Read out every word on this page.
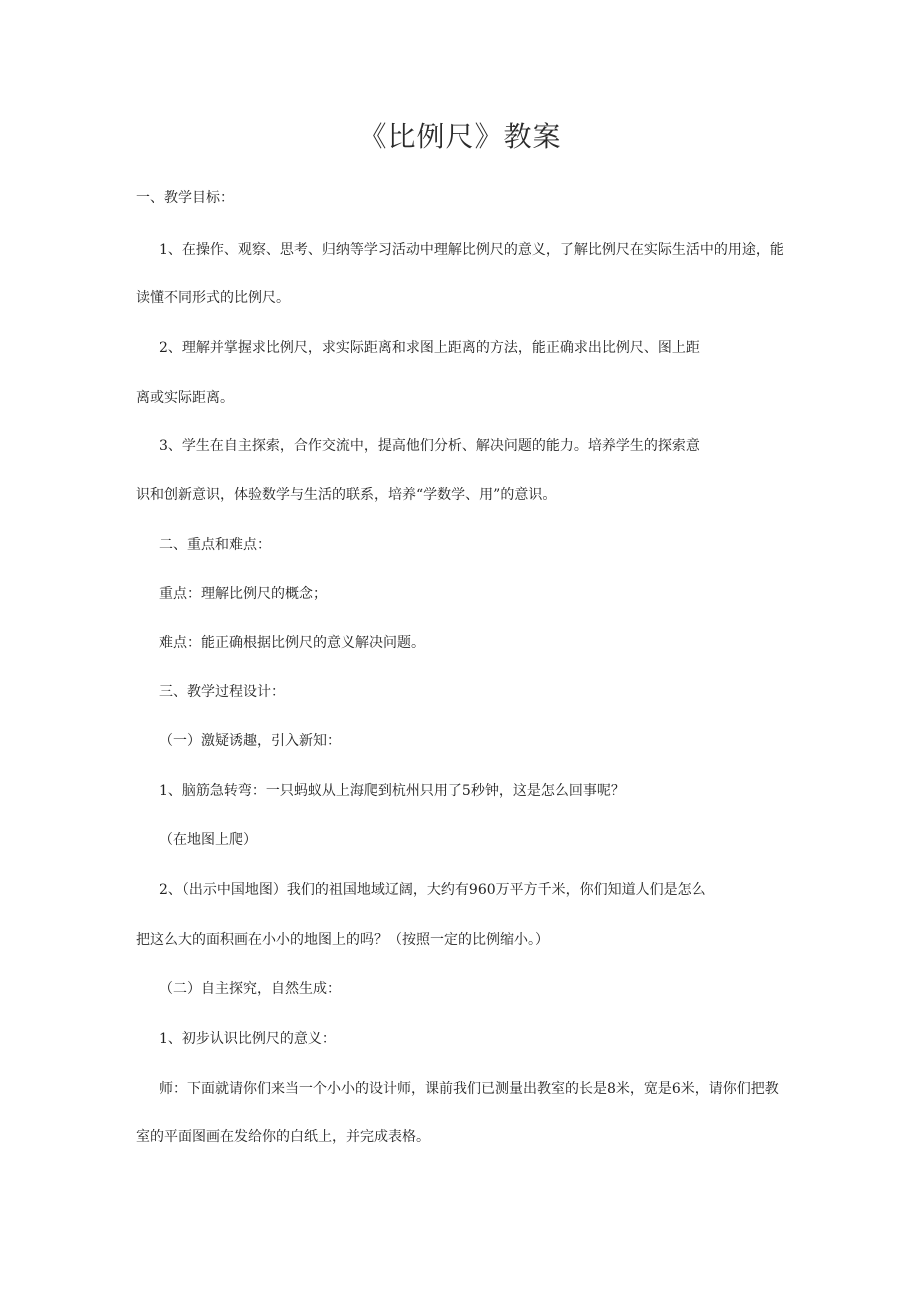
《比例尺》教案
一、教学目标：
1、在操作、观察、思考、归纳等学习活动中理解比例尺的意义，了解比例尺在实际生活中的用途，能
读懂不同形式的比例尺。
2、理解并掌握求比例尺，求实际距离和求图上距离的方法，能正确求出比例尺、图上距
离或实际距离。
3、学生在自主探索，合作交流中，提高他们分析、解决问题的能力。培养学生的探索意
识和创新意识，体验数学与生活的联系，培养“学数学、用”的意识。
二、重点和难点：
重点：理解比例尺的概念；
难点：能正确根据比例尺的意义解决问题。
三、教学过程设计：
（一）激疑诱趣，引入新知：
1、脑筋急转弯：一只蚂蚁从上海爬到杭州只用了5秒钟，这是怎么回事呢？
（在地图上爬）
2、（出示中国地图）我们的祖国地域辽阔，大约有960万平方千米，你们知道人们是怎么
把这么大的面积画在小小的地图上的吗？（按照一定的比例缩小。）
（二）自主探究，自然生成：
1、初步认识比例尺的意义：
师：下面就请你们来当一个小小的设计师，课前我们已测量出教室的长是8米，宽是6米，请你们把教
室的平面图画在发给你的白纸上，并完成表格。
